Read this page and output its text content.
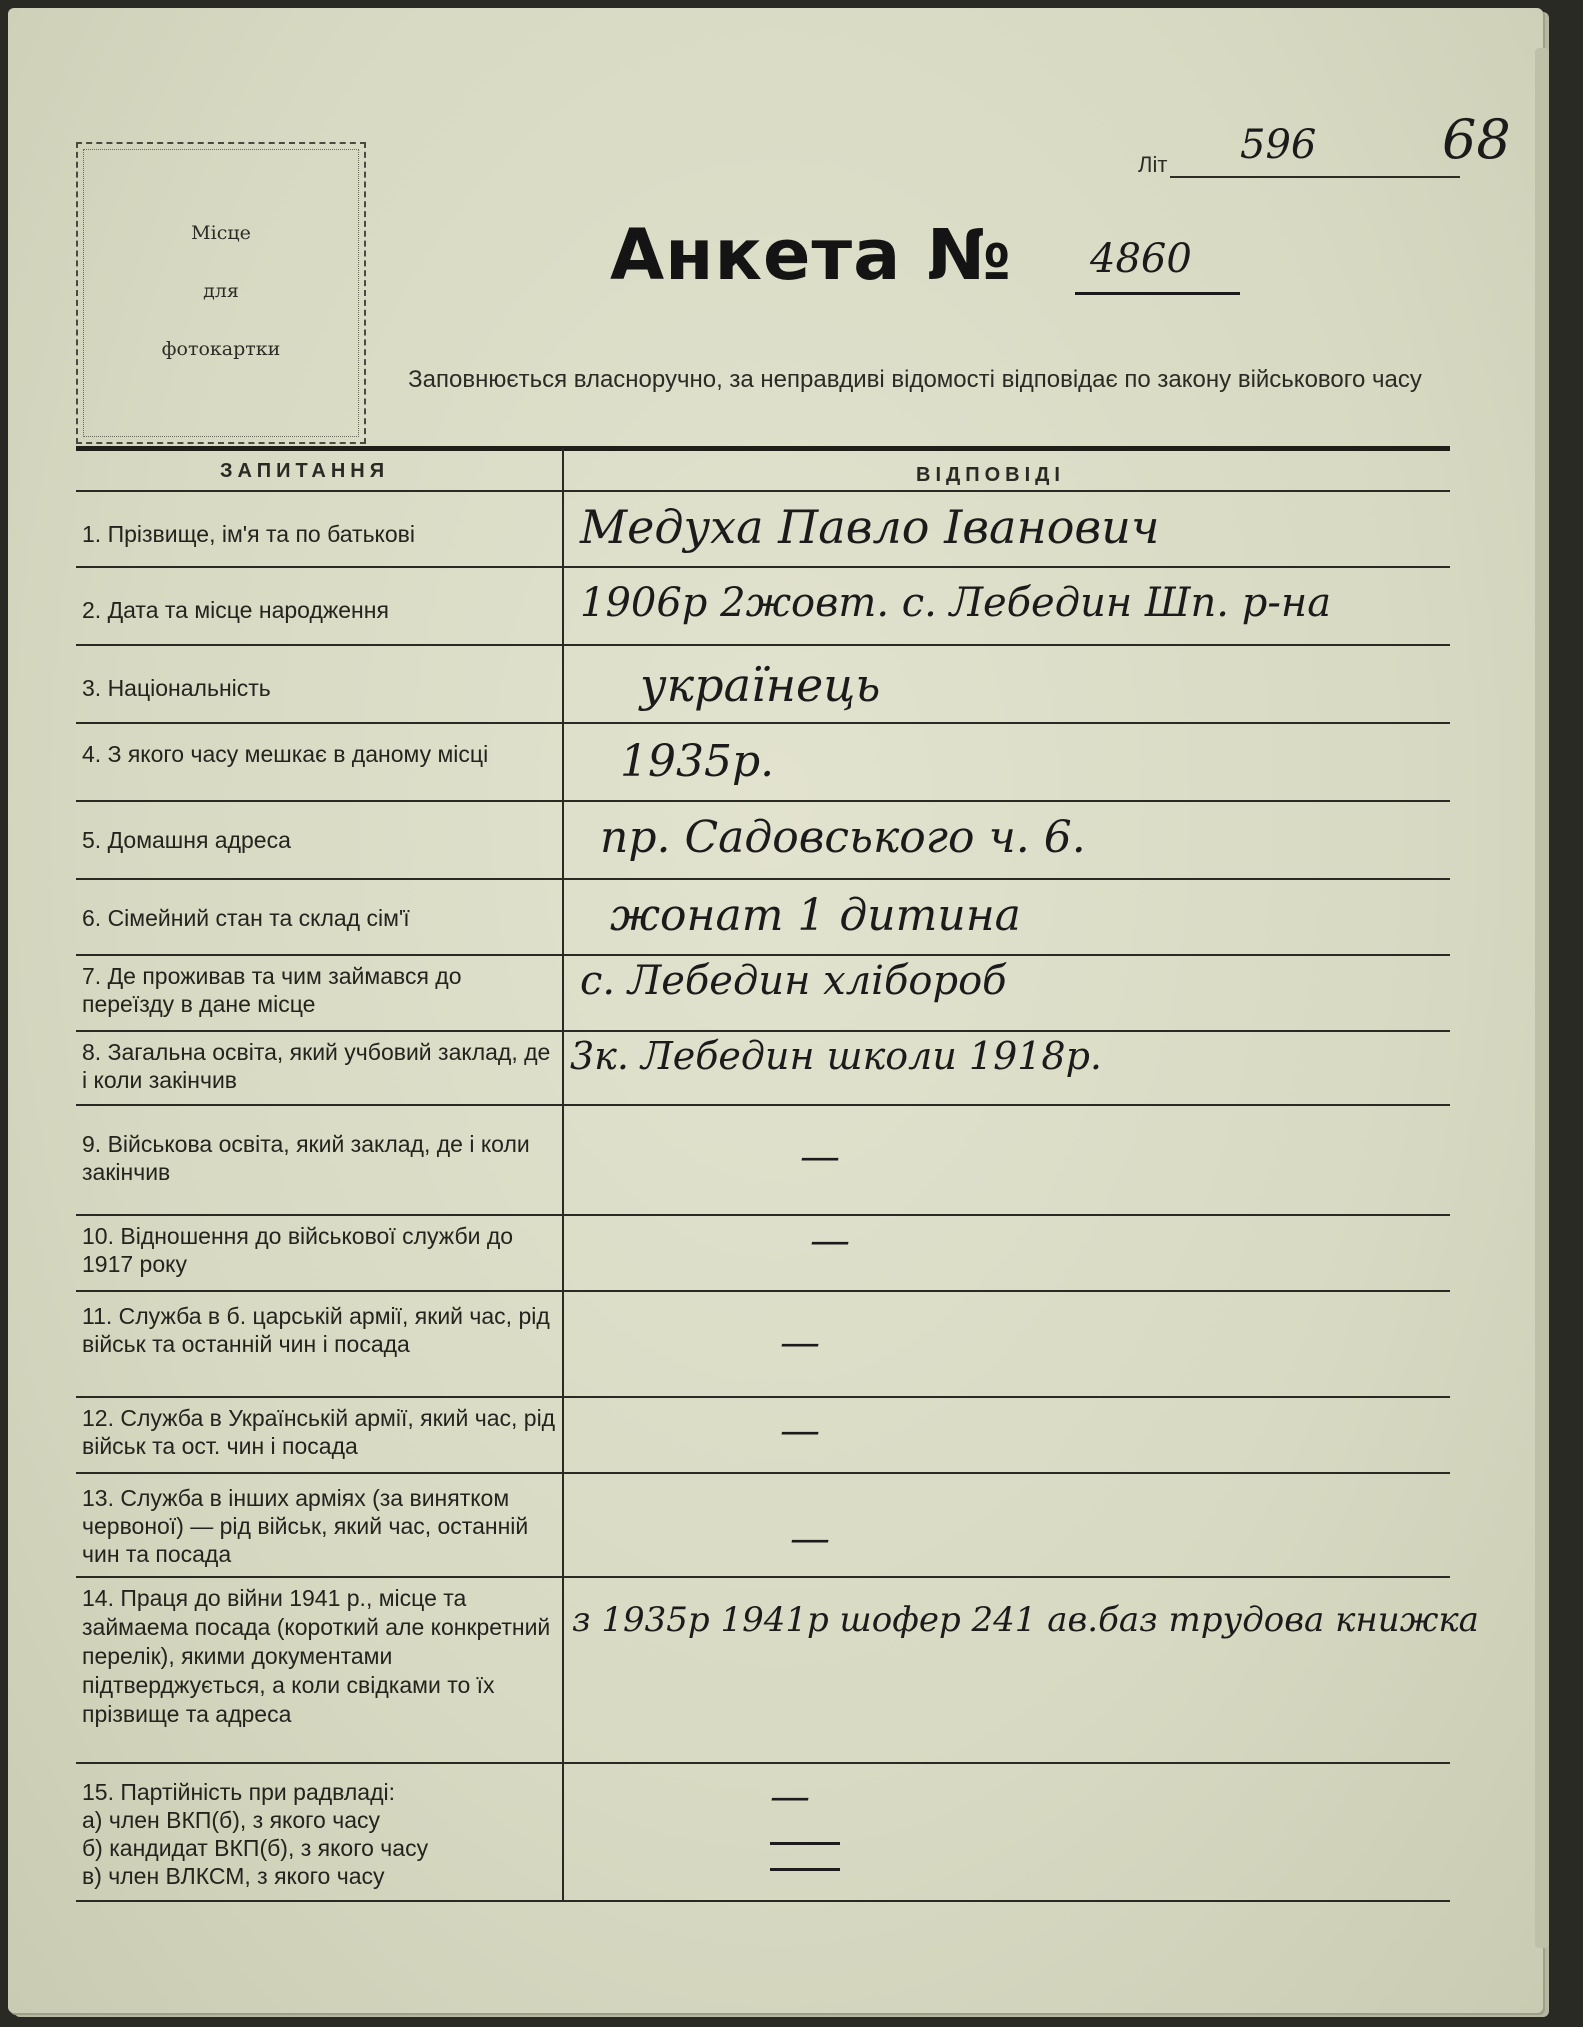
Місце
для
фотокартки
Літ 596 68
Анкета № 4860
Заповнюється власноручно, за неправдиві відомості відповідає по закону військового часу
ЗАПИТАННЯ	ВІДПОВІДІ
1. Прізвище, ім'я та по батькові
2. Дата та місце народження
3. Національність
4. З якого часу мешкає в даному місці
5. Домашня адреса
6. Сімейний стан та склад сім'ї
7. Де проживав та чим займався до переїзду в дане місце
8. Загальна освіта, який учбовий заклад, де і коли закінчив
9. Військова освіта, який заклад, де і коли закінчив
10. Відношення до військової служби до 1917 року
11. Служба в б. царській армії, який час, рід військ та останній чин і посада
12. Служба в Українській армії, який час, рід військ та ост. чин і посада
13. Служба в інших арміях (за винятком червоної) — рід військ, який час, останній чин та посада
14. Праця до війни 1941 р., місце та займаема посада (короткий але конкретний перелік), якими документами підтверджується, а коли свідками то їх прізвище та адреса
15. Партійність при радвладі:
а) член ВКП(б), з якого часу
б) кандидат ВКП(б), з якого часу
в) член ВЛКСМ, з якого часу
Медуха Павло Іванович
1906р 2жовт. с. Лебедин Шп. р-на
українець
1935р.
пр. Садовського ч. 6.
жонат 1 дитина
с. Лебедин хлібороб
3к. Лебедин школи 1918р.
—
—
—
—
—
з 1935р 1941р шофер 241 ав.баз трудова книжка
—
